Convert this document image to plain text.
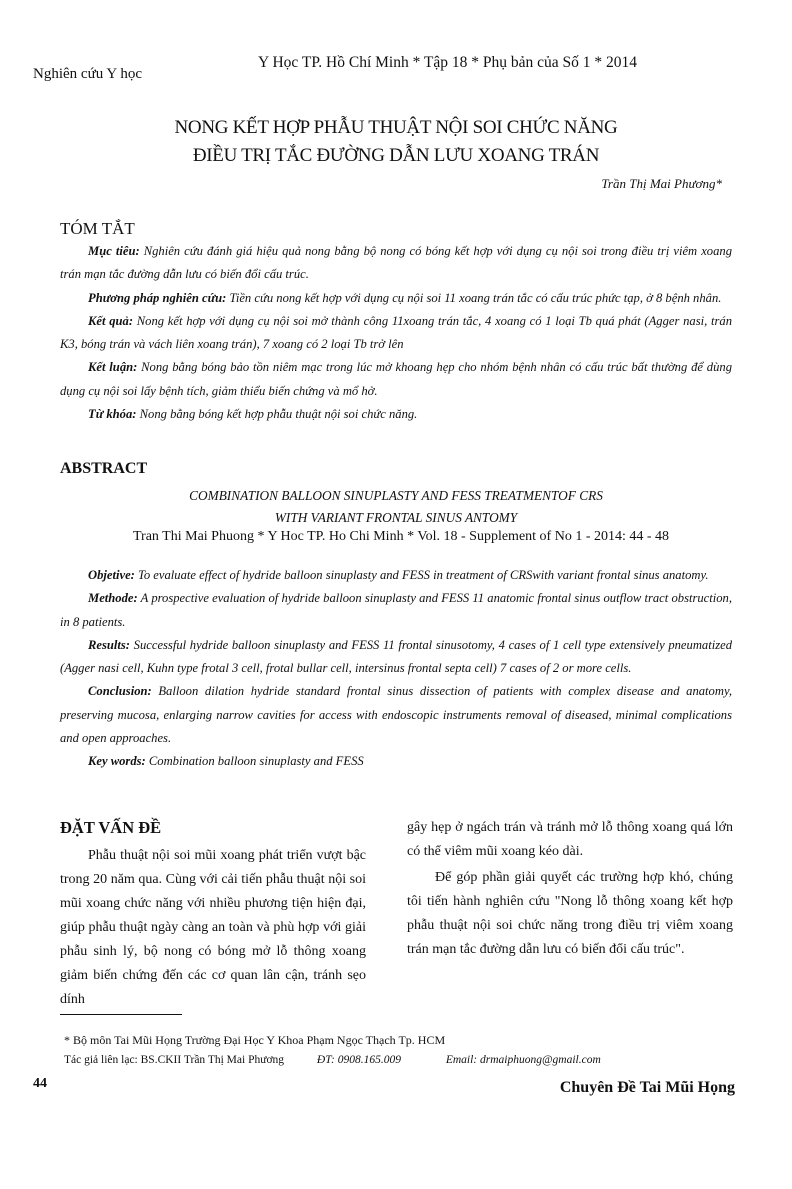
Nghiên cứu Y học
Y Học TP. Hồ Chí Minh * Tập 18 * Phụ bản của Số 1 * 2014
NONG KẾT HỢP PHẪU THUẬT NỘI SOI CHỨC NĂNG
ĐIỀU TRỊ TẮC ĐƯỜNG DẪN LƯU XOANG TRÁN
Trần Thị Mai Phương*
TÓM TẮT

Mục tiêu: Nghiên cứu đánh giá hiệu quả nong bằng bộ nong có bóng kết hợp với dụng cụ nội soi trong điều trị viêm xoang trán mạn tắc đường dẫn lưu có biến đổi cấu trúc.

Phương pháp nghiên cứu: Tiền cứu nong kết hợp với dụng cụ nội soi 11 xoang trán tắc có cấu trúc phức tạp, ở 8 bệnh nhân.

Kết quả: Nong kết hợp với dụng cụ nội soi mở thành công 11xoang trán tắc, 4 xoang có 1 loại Tb quá phát (Agger nasi, trán K3, bóng trán và vách liên xoang trán), 7 xoang có 2 loại Tb trở lên

Kết luận: Nong bằng bóng bảo tồn niêm mạc trong lúc mở khoang hẹp cho nhóm bệnh nhân có cấu trúc bất thường để dùng dụng cụ nội soi lấy bệnh tích, giảm thiểu biến chứng và mổ hở.

Từ khóa: Nong bằng bóng kết hợp phẫu thuật nội soi chức năng.

ABSTRACT
COMBINATION BALLOON SINUPLASTY AND FESS TREATMENTOF CRS
WITH VARIANT FRONTAL SINUS ANTOMY
Tran Thi Mai Phuong * Y Hoc TP. Ho Chi Minh * Vol. 18 - Supplement of No 1 - 2014: 44 - 48

Objetive: To evaluate effect of hydride balloon sinuplasty and FESS in treatment of CRSwith variant frontal sinus anatomy.

Methode: A prospective evaluation of hydride balloon sinuplasty and FESS 11 anatomic frontal sinus outflow tract obstruction, in 8 patients.

Results: Successful hydride balloon sinuplasty and FESS 11 frontal sinusotomy, 4 cases of 1 cell type extensively pneumatized (Agger nasi cell, Kuhn type frotal 3 cell, frotal bullar cell, intersinus frontal septa cell) 7 cases of 2 or more cells.

Conclusion: Balloon dilation hydride standard frontal sinus dissection of patients with complex disease and anatomy, preserving mucosa, enlarging narrow cavities for access with endoscopic instruments removal of diseased, minimal complications and open approaches.

Key words: Combination balloon sinuplasty and FESS

ĐẶT VẤN ĐỀ

Phẫu thuật nội soi mũi xoang phát triển vượt bậc trong 20 năm qua. Cùng với cải tiến phẫu thuật nội soi mũi xoang chức năng với nhiều phương tiện hiện đại, giúp phẫu thuật ngày càng an toàn và phù hợp với giải phẫu sinh lý, bộ nong có bóng mở lỗ thông xoang giảm biến chứng đến các cơ quan lân cận, tránh sẹo dính

gây hẹp ở ngách trán và tránh mở lỗ thông xoang quá lớn có thể viêm mũi xoang kéo dài.

Để góp phần giải quyết các trường hợp khó, chúng tôi tiến hành nghiên cứu "Nong lỗ thông xoang kết hợp phẫu thuật nội soi chức năng trong điều trị viêm xoang trán mạn tắc đường dẫn lưu có biến đổi cấu trúc".

* Bộ môn Tai Mũi Họng Trường Đại Học Y Khoa Phạm Ngọc Thạch Tp. HCM
Tác giả liên lạc: BS.CKII Trần Thị Mai Phương	ĐT: 0908.165.009	Email: drmaiphuong@gmail.com
44	Chuyên Đề Tai Mũi Họng
